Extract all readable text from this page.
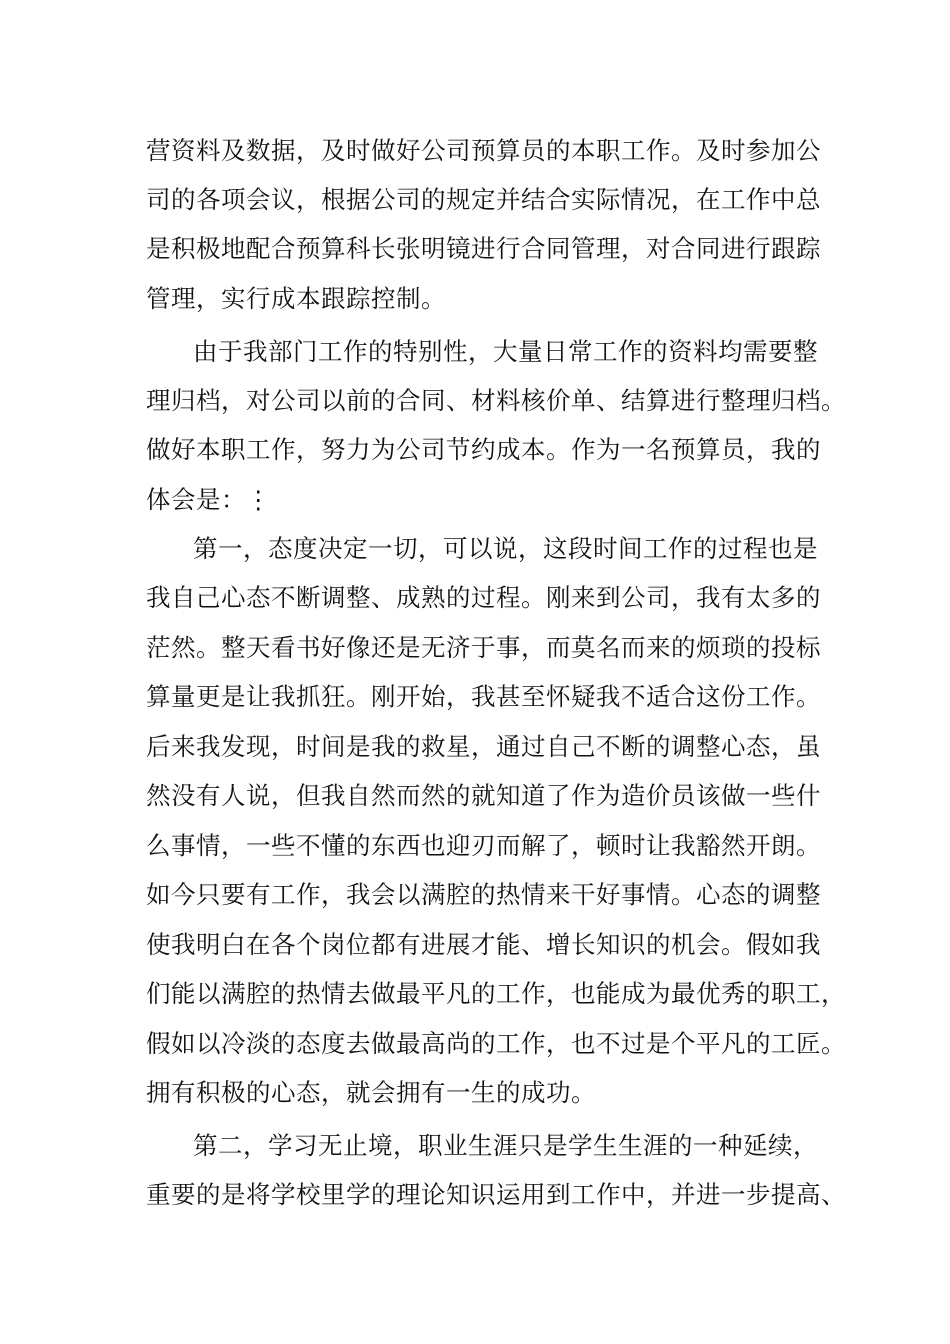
营资料及数据，及时做好公司预算员的本职工作。及时参加公
司的各项会议，根据公司的规定并结合实际情况，在工作中总
是积极地配合预算科长张明镜进行合同管理，对合同进行跟踪
管理，实行成本跟踪控制。
由于我部门工作的特别性，大量日常工作的资料均需要整
理归档，对公司以前的合同、材料核价单、结算进行整理归档。
做好本职工作，努力为公司节约成本。作为一名预算员，我的
体会是：⋮
第一，态度决定一切，可以说，这段时间工作的过程也是
我自己心态不断调整、成熟的过程。刚来到公司，我有太多的
茫然。整天看书好像还是无济于事，而莫名而来的烦琐的投标
算量更是让我抓狂。刚开始，我甚至怀疑我不适合这份工作。
后来我发现，时间是我的救星，通过自己不断的调整心态，虽
然没有人说，但我自然而然的就知道了作为造价员该做一些什
么事情，一些不懂的东西也迎刃而解了，顿时让我豁然开朗。
如今只要有工作，我会以满腔的热情来干好事情。心态的调整
使我明白在各个岗位都有进展才能、增长知识的机会。假如我
们能以满腔的热情去做最平凡的工作，也能成为最优秀的职工，
假如以冷淡的态度去做最高尚的工作，也不过是个平凡的工匠。
拥有积极的心态，就会拥有一生的成功。
第二，学习无止境，职业生涯只是学生生涯的一种延续，
重要的是将学校里学的理论知识运用到工作中，并进一步提高、
